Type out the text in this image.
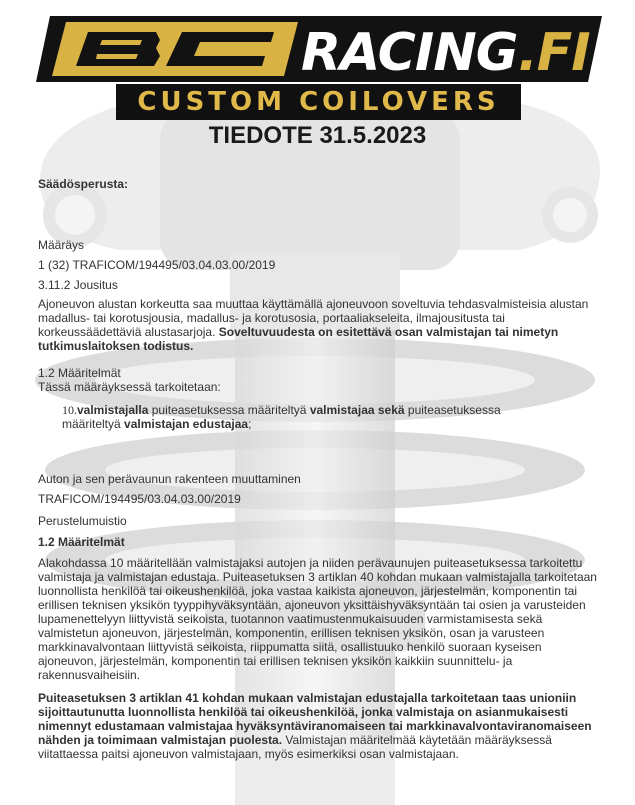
RACING .FI
CUSTOM COILOVERS
TIEDOTE 31.5.2023
Säädösperusta:
Määräys
1 (32) TRAFICOM/194495/03.04.03.00/2019
3.11.2 Jousitus
Ajoneuvon alustan korkeutta saa muuttaa käyttämällä ajoneuvoon soveltuvia tehdasvalmisteisia alustan madallus- tai korotusjousia, madallus- ja korotusosia, portaaliakseleita, ilmajousitusta tai korkeussäädettäviä alustasarjoja. Soveltuvuudesta on esitettävä osan valmistajan tai nimetyn tutkimuslaitoksen todistus.
1.2 Määritelmät
Tässä määräyksessä tarkoitetaan:
10.valmistajalla puiteasetuksessa määriteltyä valmistajaa sekä puiteasetuksessa määriteltyä valmistajan edustajaa;
Auton ja sen perävaunun rakenteen muuttaminen
TRAFICOM/194495/03.04.03.00/2019
Perustelumuistio
1.2 Määritelmät
Alakohdassa 10 määritellään valmistajaksi autojen ja niiden perävaunujen puiteasetuksessa tarkoitettu valmistaja ja valmistajan edustaja. Puiteasetuksen 3 artiklan 40 kohdan mukaan valmistajalla tarkoitetaan luonnollista henkilöä tai oikeushenkilöä, joka vastaa kaikista ajoneuvon, järjestelmän, komponentin tai erillisen teknisen yksikön tyyppihyväksyntään, ajoneuvon yksittäishyväksyntään tai osien ja varusteiden lupamenettelyyn liittyvistä seikoista, tuotannon vaatimustenmukaisuuden varmistamisesta sekä valmistetun ajoneuvon, järjestelmän, komponentin, erillisen teknisen yksikön, osan ja varusteen markkinavalvontaan liittyvistä seikoista, riippumatta siitä, osallistuuko henkilö suoraan kyseisen ajoneuvon, järjestelmän, komponentin tai erillisen teknisen yksikön kaikkiin suunnittelu- ja rakennusvaiheisiin.
Puiteasetuksen 3 artiklan 41 kohdan mukaan valmistajan edustajalla tarkoitetaan taas unioniin sijoittautunutta luonnollista henkilöä tai oikeushenkilöä, jonka valmistaja on asianmukaisesti nimennyt edustamaan valmistajaa hyväksyntäviranomaiseen tai markkinavalvontaviranomaiseen nähden ja toimimaan valmistajan puolesta. Valmistajan määritelmää käytetään määräyksessä viitattaessa paitsi ajoneuvon valmistajaan, myös esimerkiksi osan valmistajaan.
